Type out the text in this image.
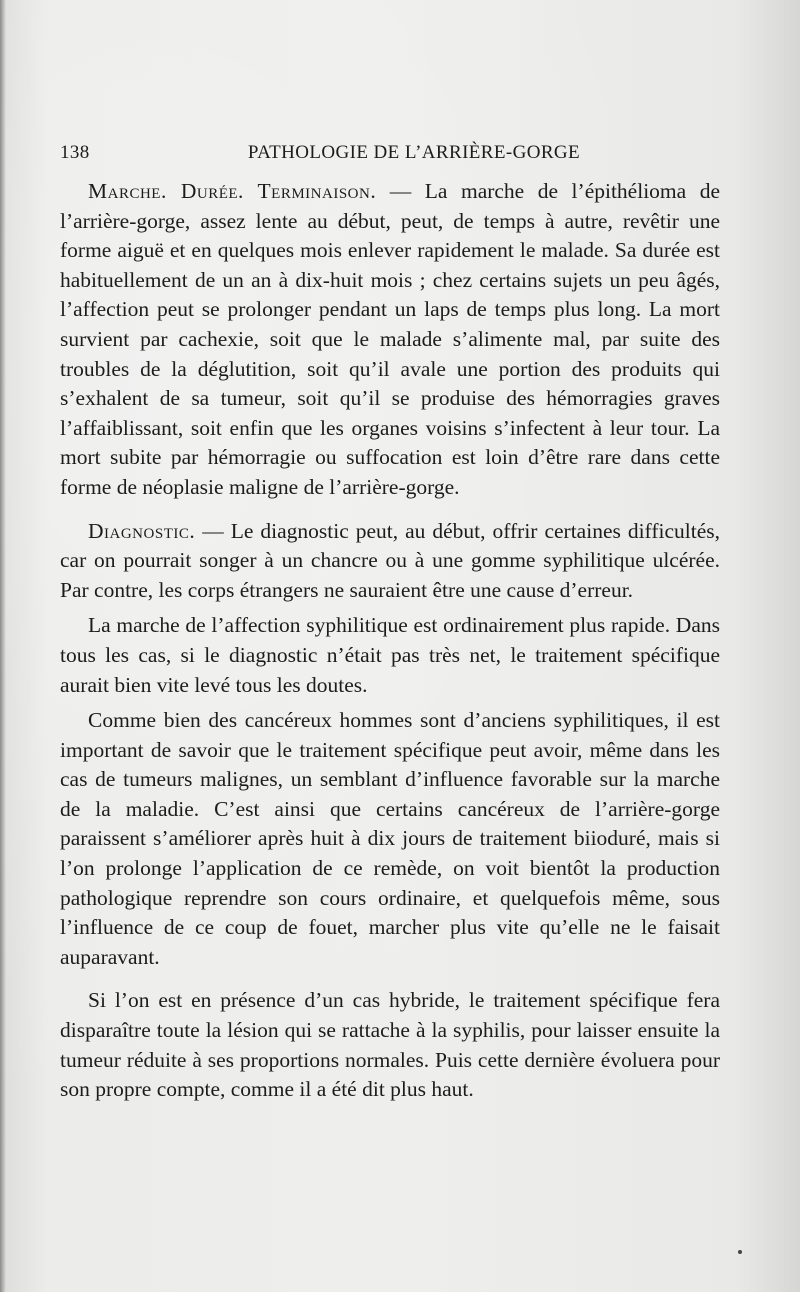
138	PATHOLOGIE DE L’ARRIÈRE-GORGE

Marche. Durée. Terminaison. — La marche de l’épithélioma de l’arrière-gorge, assez lente au début, peut, de temps à autre, revêtir une forme aiguë et en quelques mois enlever rapidement le malade. Sa durée est habituellement de un an à dix-huit mois ; chez certains sujets un peu âgés, l’affection peut se prolonger pendant un laps de temps plus long. La mort survient par cachexie, soit que le malade s’alimente mal, par suite des troubles de la déglutition, soit qu’il avale une portion des produits qui s’exhalent de sa tumeur, soit qu’il se produise des hémorragies graves l’affaiblissant, soit enfin que les organes voisins s’infectent à leur tour. La mort subite par hémorragie ou suffocation est loin d’être rare dans cette forme de néoplasie maligne de l’arrière-gorge.

Diagnostic. — Le diagnostic peut, au début, offrir certaines difficultés, car on pourrait songer à un chancre ou à une gomme syphilitique ulcérée. Par contre, les corps étrangers ne sauraient être une cause d’erreur.

La marche de l’affection syphilitique est ordinairement plus rapide. Dans tous les cas, si le diagnostic n’était pas très net, le traitement spécifique aurait bien vite levé tous les doutes.

Comme bien des cancéreux hommes sont d’anciens syphilitiques, il est important de savoir que le traitement spécifique peut avoir, même dans les cas de tumeurs malignes, un semblant d’influence favorable sur la marche de la maladie. C’est ainsi que certains cancéreux de l’arrière-gorge paraissent s’améliorer après huit à dix jours de traitement biioduré, mais si l’on prolonge l’application de ce remède, on voit bientôt la production pathologique reprendre son cours ordinaire, et quelquefois même, sous l’influence de ce coup de fouet, marcher plus vite qu’elle ne le faisait auparavant.

Si l’on est en présence d’un cas hybride, le traitement spécifique fera disparaître toute la lésion qui se rattache à la syphilis, pour laisser ensuite la tumeur réduite à ses proportions normales. Puis cette dernière évoluera pour son propre compte, comme il a été dit plus haut.
